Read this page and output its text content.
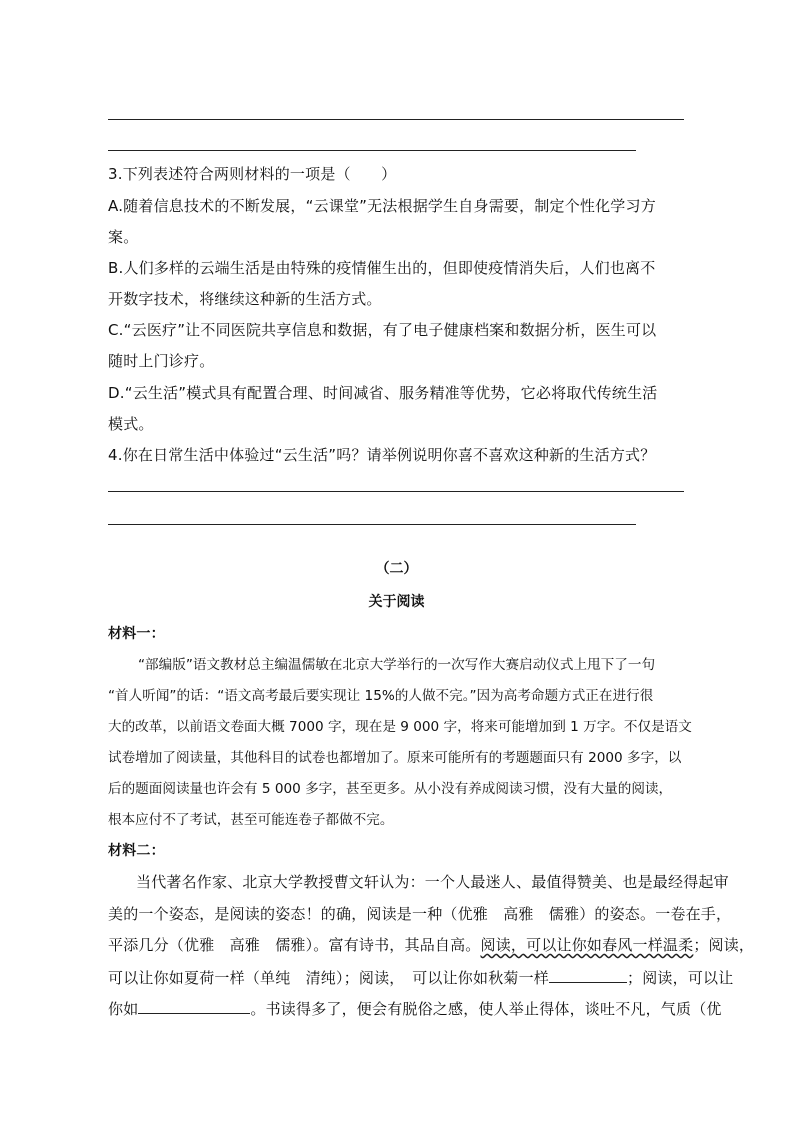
3.下列表述符合两则材料的一项是（　　）
A.随着信息技术的不断发展，“云课堂”无法根据学生自身需要，制定个性化学习方
案。
B.人们多样的云端生活是由特殊的疫情催生出的，但即使疫情消失后，人们也离不
开数字技术，将继续这种新的生活方式。
C.“云医疗”让不同医院共享信息和数据，有了电子健康档案和数据分析，医生可以
随时上门诊疗。
D.“云生活”模式具有配置合理、时间减省、服务精准等优势，它必将取代传统生活
模式。
4.你在日常生活中体验过“云生活”吗？请举例说明你喜不喜欢这种新的生活方式？
（二）
关于阅读
材料一：
“部编版”语文教材总主编温儒敏在北京大学举行的一次写作大赛启动仪式上甩下了一句
“首人听闻”的话：“语文高考最后要实现让 15%的人做不完。”因为高考命题方式正在进行很
大的改革，以前语文卷面大概 7000 字，现在是 9 000 字，将来可能增加到 1 万字。不仅是语文
试卷增加了阅读量，其他科目的试卷也都增加了。原来可能所有的考题题面只有 2000 多字，以
后的题面阅读量也许会有 5 000 多字，甚至更多。从小没有养成阅读习惯，没有大量的阅读，
根本应付不了考试，甚至可能连卷子都做不完。
材料二：
当代著名作家、北京大学教授曹文轩认为：一个人最迷人、最值得赞美、也是最经得起审
美的一个姿态，是阅读的姿态！的确，阅读是一种（优雅　高雅　儒雅）的姿态。一卷在手，
平添几分（优雅　高雅　儒雅）。富有诗书，其品自高。阅读，可以让你如春风一样温柔；阅读，
可以让你如夏荷一样（单纯　清纯）；阅读，　可以让你如秋菊一样	；阅读，可以让
你如	。书读得多了，便会有脱俗之感，使人举止得体，谈吐不凡，气质（优
